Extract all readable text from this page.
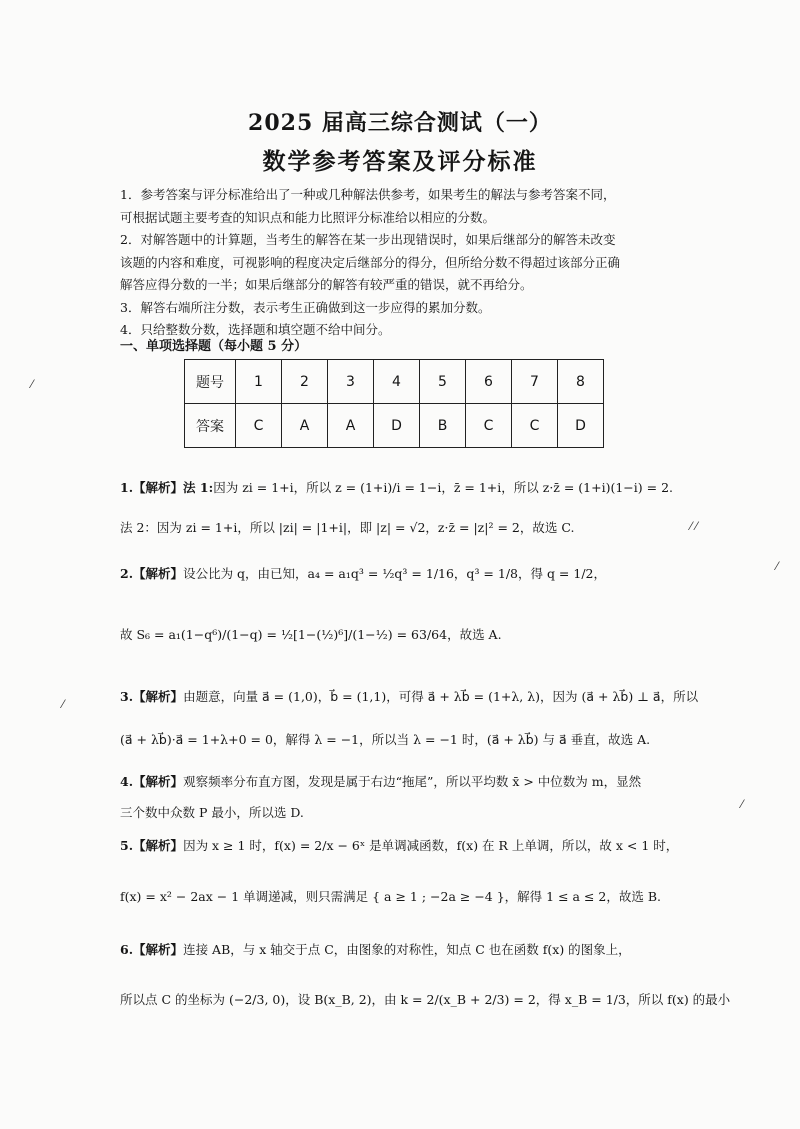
2025 届高三综合测试（一）
数学参考答案及评分标准

1．参考答案与评分标准给出了一种或几种解法供参考，如果考生的解法与参考答案不同，

可根据试题主要考查的知识点和能力比照评分标准给以相应的分数。

2．对解答题中的计算题，当考生的解答在某一步出现错误时，如果后继部分的解答未改变

该题的内容和难度，可视影响的程度决定后继部分的得分，但所给分数不得超过该部分正确

解答应得分数的一半；如果后继部分的解答有较严重的错误，就不再给分。

3．解答右端所注分数，表示考生正确做到这一步应得的累加分数。

4．只给整数分数，选择题和填空题不给中间分。

一、单项选择题（每小题 5 分）
题号	1	2	3	4	5	6	7	8
答案	C	A	A	D	B	C	C	D
1.【解析】法 1:因为 zi = 1+i，所以 z = (1+i)/i = 1−i，z̄ = 1+i，所以 z·z̄ = (1+i)(1−i) = 2.
法 2：因为 zi = 1+i，所以 |zi| = |1+i|，即 |z| = √2，z·z̄ = |z|² = 2，故选 C.
2.【解析】设公比为 q，由已知，a₄ = a₁q³ = ½q³ = 1/16，q³ = 1/8，得 q = 1/2，
故 S₆ = a₁(1−q⁶)/(1−q) = ½[1−(½)⁶]/(1−½) = 63/64，故选 A.
3.【解析】由题意，向量 a⃗ = (1,0)，b⃗ = (1,1)，可得 a⃗ + λb⃗ = (1+λ, λ)，因为 (a⃗ + λb⃗) ⊥ a⃗，所以
(a⃗ + λb⃗)·a⃗ = 1+λ+0 = 0，解得 λ = −1，所以当 λ = −1 时，(a⃗ + λb⃗) 与 a⃗ 垂直，故选 A.
4.【解析】观察频率分布直方图，发现是属于右边“拖尾”，所以平均数 x̄ > 中位数为 m，显然
三个数中众数 P 最小，所以选 D.
5.【解析】因为 x ≥ 1 时，f(x) = 2/x − 6ˣ 是单调减函数，f(x) 在 R 上单调，所以，故 x < 1 时，
f(x) = x² − 2ax − 1 单调递减，则只需满足 { a ≥ 1 ; −2a ≥ −4 }，解得 1 ≤ a ≤ 2，故选 B.
6.【解析】连接 AB，与 x 轴交于点 C，由图象的对称性，知点 C 也在函数 f(x) 的图象上，
所以点 C 的坐标为 (−2/3, 0)，设 B(x_B, 2)，由 k = 2/(x_B + 2/3) = 2，得 x_B = 1/3，所以 f(x) 的最小
⁄
⁄
⁄
⁄
⁄ ⁄
